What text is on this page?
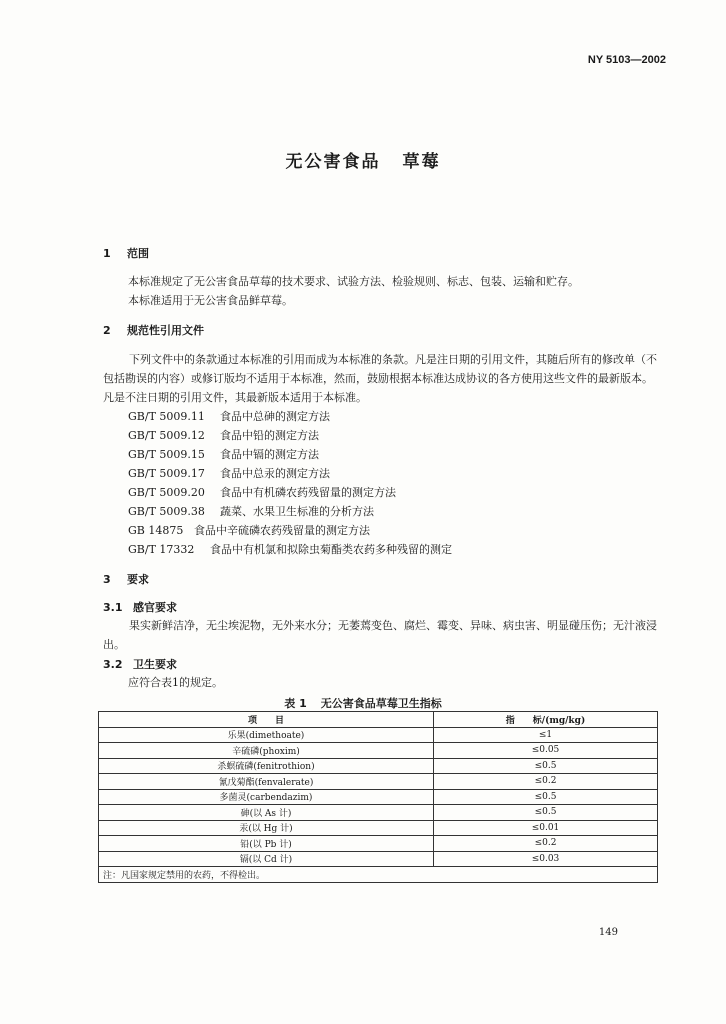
NY 5103—2002
无公害食品 草莓
1 范围
本标准规定了无公害食品草莓的技术要求、试验方法、检验规则、标志、包装、运输和贮存。
本标准适用于无公害食品鲜草莓。
2 规范性引用文件
下列文件中的条款通过本标准的引用而成为本标准的条款。凡是注日期的引用文件，其随后所有的修改单（不包括勘误的内容）或修订版均不适用于本标准，然而，鼓励根据本标准达成协议的各方使用这些文件的最新版本。凡是不注日期的引用文件，其最新版本适用于本标准。
GB/T 5009.11 食品中总砷的测定方法
GB/T 5009.12 食品中铅的测定方法
GB/T 5009.15 食品中镉的测定方法
GB/T 5009.17 食品中总汞的测定方法
GB/T 5009.20 食品中有机磷农药残留量的测定方法
GB/T 5009.38 蔬菜、水果卫生标准的分析方法
GB 14875 食品中辛硫磷农药残留量的测定方法
GB/T 17332 食品中有机氯和拟除虫菊酯类农药多种残留的测定
3 要求
3.1 感官要求
果实新鲜洁净，无尘埃泥物，无外来水分；无萎蔫变色、腐烂、霉变、异味、病虫害、明显碰压伤；无汁液浸出。
3.2 卫生要求
应符合表1的规定。
表 1 无公害食品草莓卫生指标
项　　目	指　　标/(mg/kg)
乐果(dimethoate)	≤1
辛硫磷(phoxim)	≤0.05
杀螟硫磷(fenitrothion)	≤0.5
氰戊菊酯(fenvalerate)	≤0.2
多菌灵(carbendazim)	≤0.5
砷(以 As 计)	≤0.5
汞(以 Hg 计)	≤0.01
铅(以 Pb 计)	≤0.2
镉(以 Cd 计)	≤0.03
注：凡国家规定禁用的农药，不得检出。	
149
